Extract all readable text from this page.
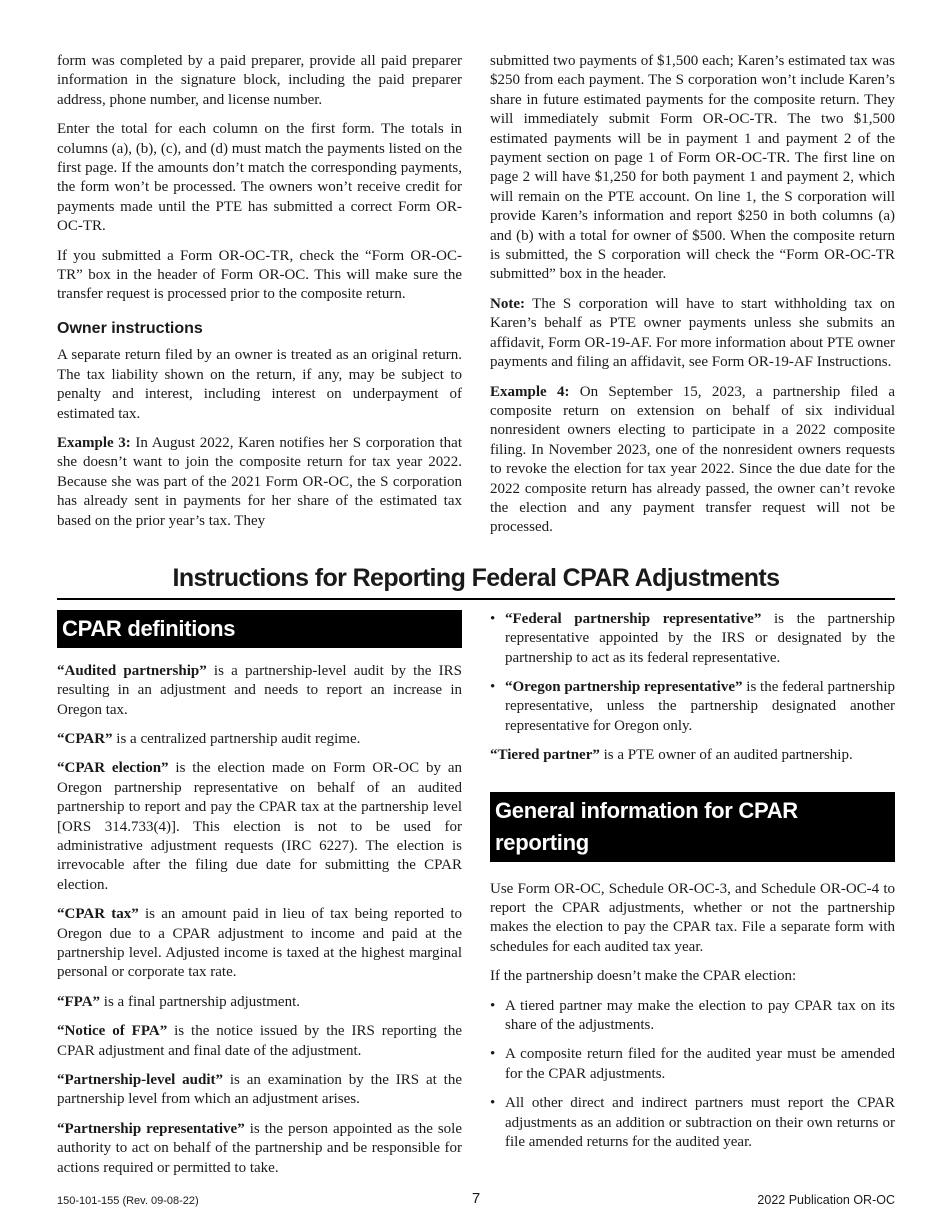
form was completed by a paid preparer, provide all paid preparer information in the signature block, including the paid preparer address, phone number, and license number.

Enter the total for each column on the first form. The totals in columns (a), (b), (c), and (d) must match the payments listed on the first page. If the amounts don’t match the corresponding payments, the form won’t be processed. The owners won’t receive credit for payments made until the PTE has submitted a correct Form OR-OC-TR.

If you submitted a Form OR-OC-TR, check the “Form OR-OC-TR” box in the header of Form OR-OC. This will make sure the transfer request is processed prior to the composite return.

Owner instructions

A separate return filed by an owner is treated as an original return. The tax liability shown on the return, if any, may be subject to penalty and interest, including interest on underpayment of estimated tax.

Example 3: In August 2022, Karen notifies her S corporation that she doesn’t want to join the composite return for tax year 2022. Because she was part of the 2021 Form OR-OC, the S corporation has already sent in payments for her share of the estimated tax based on the prior year’s tax. They

submitted two payments of $1,500 each; Karen’s estimated tax was $250 from each payment. The S corporation won’t include Karen’s share in future estimated payments for the composite return. They will immediately submit Form OR-OC-TR. The two $1,500 estimated payments will be in payment 1 and payment 2 of the payment section on page 1 of Form OR-OC-TR. The first line on page 2 will have $1,250 for both payment 1 and payment 2, which will remain on the PTE account. On line 1, the S corporation will provide Karen’s information and report $250 in both columns (a) and (b) with a total for owner of $500. When the composite return is submitted, the S corporation will check the “Form OR-OC-TR submitted” box in the header.

Note: The S corporation will have to start withholding tax on Karen’s behalf as PTE owner payments unless she submits an affidavit, Form OR-19-AF. For more information about PTE owner payments and filing an affidavit, see Form OR-19-AF Instructions.

Example 4: On September 15, 2023, a partnership filed a composite return on extension on behalf of six individual nonresident owners electing to participate in a 2022 composite filing. In November 2023, one of the nonresident owners requests to revoke the election for tax year 2022. Since the due date for the 2022 composite return has already passed, the owner can’t revoke the election and any payment transfer request will not be processed.

Instructions for Reporting Federal CPAR Adjustments
CPAR definitions

“Audited partnership” is a partnership-level audit by the IRS resulting in an adjustment and needs to report an increase in Oregon tax.

“CPAR” is a centralized partnership audit regime.

“CPAR election” is the election made on Form OR-OC by an Oregon partnership representative on behalf of an audited partnership to report and pay the CPAR tax at the partnership level [ORS 314.733(4)]. This election is not to be used for administrative adjustment requests (IRC 6227). The election is irrevocable after the filing due date for submitting the CPAR election.

“CPAR tax” is an amount paid in lieu of tax being reported to Oregon due to a CPAR adjustment to income and paid at the partnership level. Adjusted income is taxed at the highest marginal personal or corporate tax rate.

“FPA” is a final partnership adjustment.

“Notice of FPA” is the notice issued by the IRS reporting the CPAR adjustment and final date of the adjustment.

“Partnership-level audit” is an examination by the IRS at the partnership level from which an adjustment arises.

“Partnership representative” is the person appointed as the sole authority to act on behalf of the partnership and be responsible for actions required or permitted to take.

• “Federal partnership representative” is the partnership representative appointed by the IRS or designated by the partnership to act as its federal representative.
• “Oregon partnership representative” is the federal partnership representative, unless the partnership designated another representative for Oregon only.

“Tiered partner” is a PTE owner of an audited partnership.

General information for CPAR reporting

Use Form OR-OC, Schedule OR-OC-3, and Schedule OR-OC-4 to report the CPAR adjustments, whether or not the partnership makes the election to pay the CPAR tax. File a separate form with schedules for each audited tax year.

If the partnership doesn’t make the CPAR election:

• A tiered partner may make the election to pay CPAR tax on its share of the adjustments.
• A composite return filed for the audited year must be amended for the CPAR adjustments.
• All other direct and indirect partners must report the CPAR adjustments as an addition or subtraction on their own returns or file amended returns for the audited year.
150-101-155 (Rev. 09-08-22)	7	2022 Publication OR-OC
